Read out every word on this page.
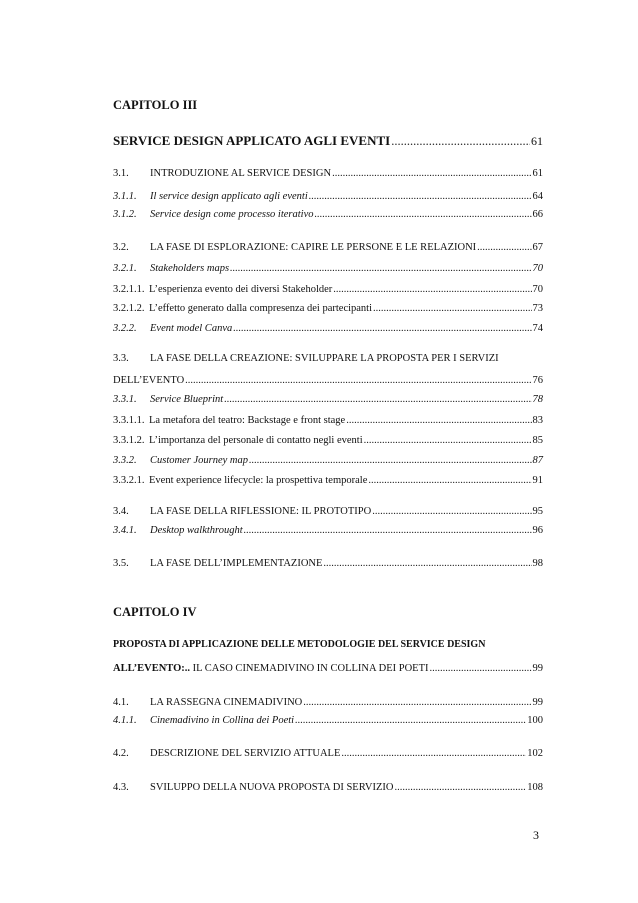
CAPITOLO III
SERVICE DESIGN APPLICATO AGLI EVENTI .....	61
3.1.	INTRODUZIONE AL SERVICE DESIGN .....	61
3.1.1.	Il service design applicato agli eventi .....	64
3.1.2.	Service design come processo iterativo .....	66
3.2.	LA FASE DI ESPLORAZIONE: CAPIRE LE PERSONE E LE RELAZIONI .....	67
3.2.1.	Stakeholders maps .....	70
3.2.1.1. L’esperienza evento dei diversi Stakeholder .....	70
3.2.1.2. L’effetto generato dalla compresenza dei partecipanti .....	73
3.2.2.	Event model Canva .....	74
3.3. LA FASE DELLA CREAZIONE: SVILUPPARE LA PROPOSTA PER I SERVIZI
DELL’EVENTO .....	76
3.3.1.	Service Blueprint .....	78
3.3.1.1. La metafora del teatro: Backstage e front stage .....	83
3.3.1.2. L’importanza del personale di contatto negli eventi .....	85
3.3.2.	Customer Journey map .....	87
3.3.2.1. Event experience lifecycle: la prospettiva temporale .....	91
3.4.	LA FASE DELLA RIFLESSIONE: IL PROTOTIPO .....	95
3.4.1.	Desktop walkthrought .....	96
3.5.	LA FASE DELL’IMPLEMENTAZIONE .....	98
CAPITOLO IV
PROPOSTA DI APPLICAZIONE DELLE METODOLOGIE DEL SERVICE DESIGN
ALL’EVENTO:.. IL CASO CINEMADIVINO IN COLLINA DEI POETI .....	99
4.1.	LA RASSEGNA CINEMADIVINO .....	99
4.1.1.	Cinemadivino in Collina dei Poeti .....	100
4.2.	DESCRIZIONE DEL SERVIZIO ATTUALE .....	102
4.3.	SVILUPPO DELLA NUOVA PROPOSTA DI SERVIZIO .....	108
3
